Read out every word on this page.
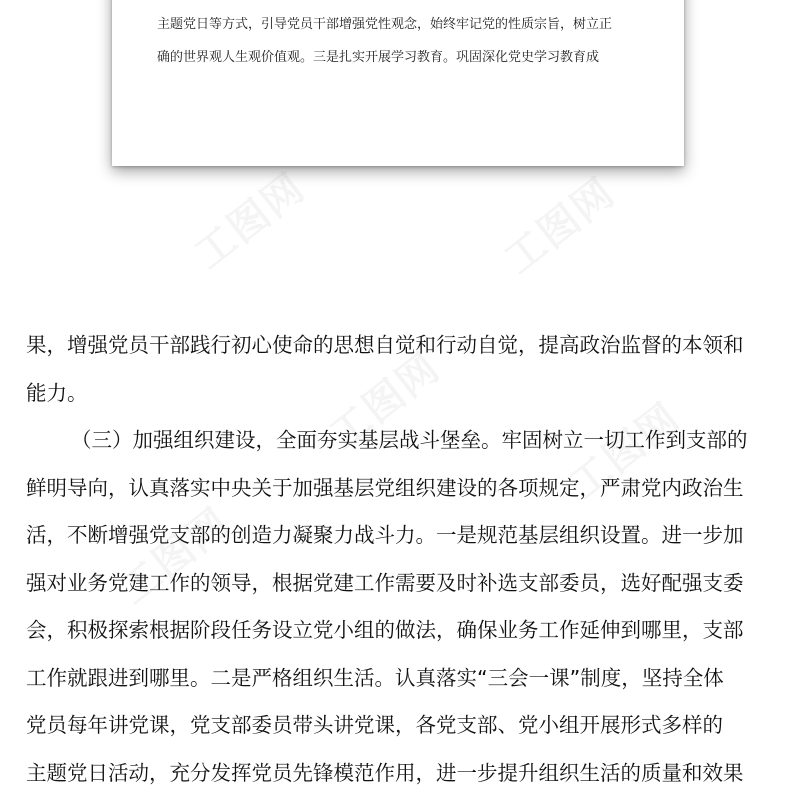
工图网	工图网
工图网
工图网
工图网
主题党日等方式，引导党员干部增强党性观念，始终牢记党的性质宗旨，树立正
确的世界观人生观价值观。三是扎实开展学习教育。巩固深化党史学习教育成
果，增强党员干部践行初心使命的思想自觉和行动自觉，提高政治监督的本领和
能力。
（三）加强组织建设，全面夯实基层战斗堡垒。牢固树立一切工作到支部的
鲜明导向，认真落实中央关于加强基层党组织建设的各项规定，严肃党内政治生
活，不断增强党支部的创造力凝聚力战斗力。一是规范基层组织设置。进一步加
强对业务党建工作的领导，根据党建工作需要及时补选支部委员，选好配强支委
会，积极探索根据阶段任务设立党小组的做法，确保业务工作延伸到哪里，支部
工作就跟进到哪里。二是严格组织生活。认真落实“三会一课”制度，坚持全体
党员每年讲党课，党支部委员带头讲党课，各党支部、党小组开展形式多样的
主题党日活动，充分发挥党员先锋模范作用，进一步提升组织生活的质量和效果
